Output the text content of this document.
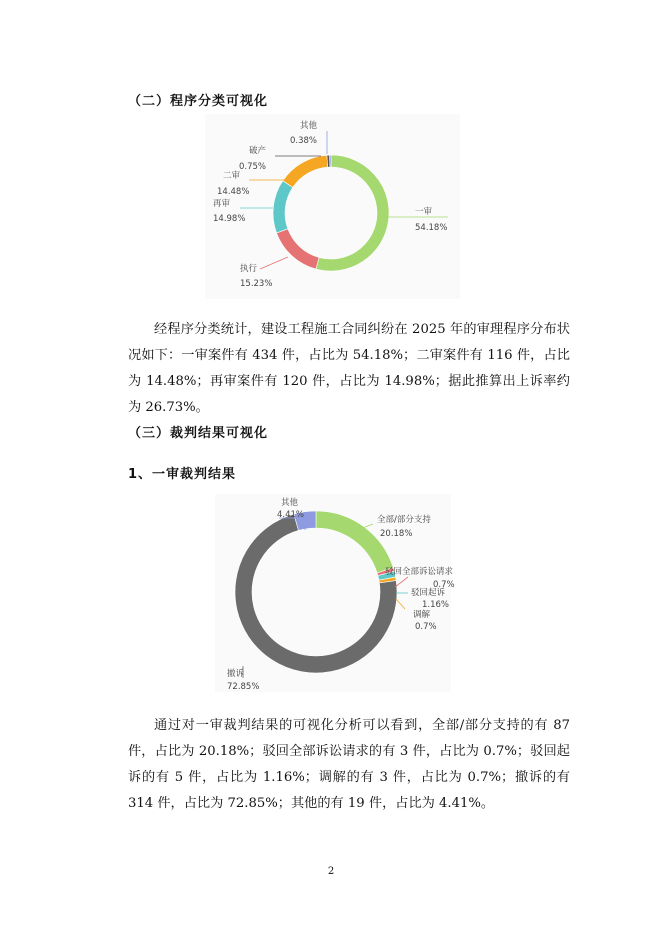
（二）程序分类可视化
其他
0.38%
破产
0.75%
二审
14.48%
再审
14.98%
执行
15.23%
一审
54.18%
经程序分类统计，建设工程施工合同纠纷在 2025 年的审理程序分布状况如下：一审案件有 434 件，占比为 54.18%；二审案件有 116 件，占比为 14.48%；再审案件有 120 件，占比为 14.98%；据此推算出上诉率约为 26.73%。
（三）裁判结果可视化
1、一审裁判结果
其他
4.41%	全部/部分支持
20.18%
驳回全部诉讼请求
0.7%
驳回起诉
1.16%
调解
0.7%
撤诉
72.85%
通过对一审裁判结果的可视化分析可以看到，全部/部分支持的有 87 件，占比为 20.18%；驳回全部诉讼请求的有 3 件，占比为 0.7%；驳回起诉的有 5 件，占比为 1.16%；调解的有 3 件，占比为 0.7%；撤诉的有 314 件，占比为 72.85%；其他的有 19 件，占比为 4.41%。
2
